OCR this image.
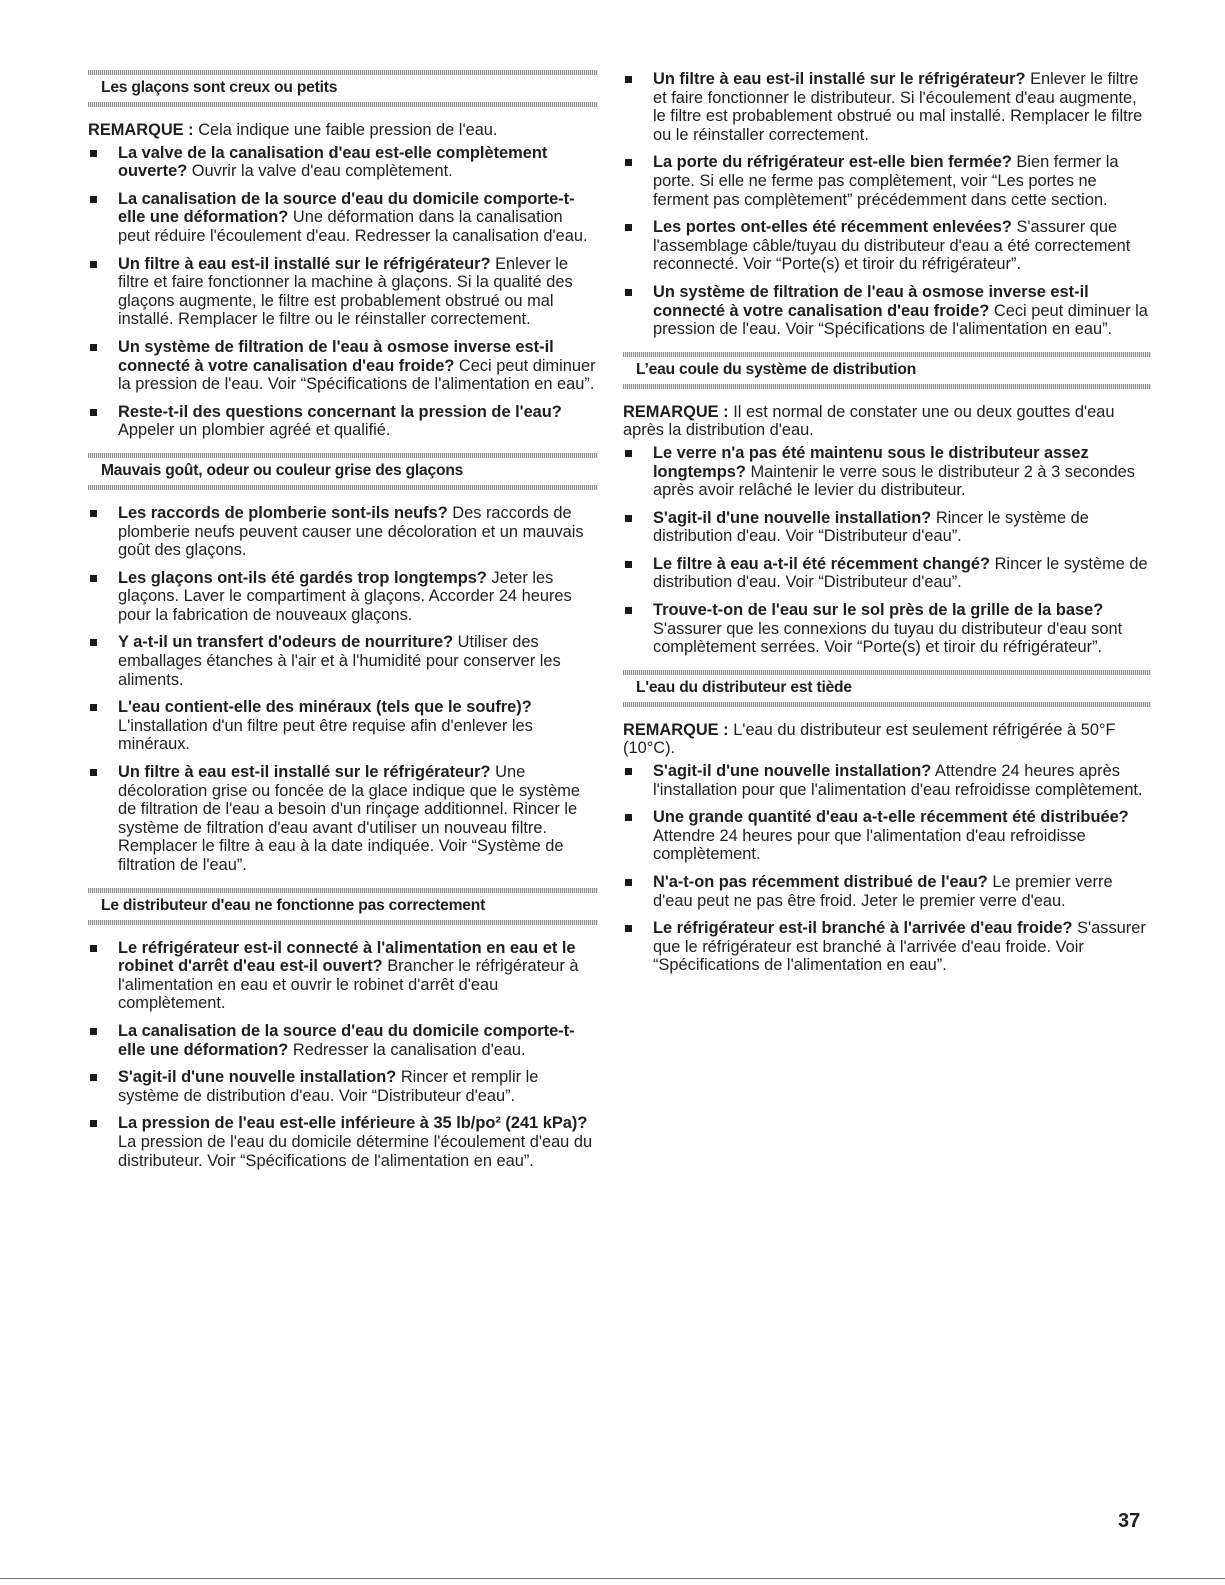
Les glaçons sont creux ou petits

REMARQUE : Cela indique une faible pression de l'eau.

La valve de la canalisation d'eau est-elle complètement ouverte? Ouvrir la valve d'eau complètement.
La canalisation de la source d'eau du domicile comporte-t-elle une déformation? Une déformation dans la canalisation peut réduire l'écoulement d'eau. Redresser la canalisation d'eau.
Un filtre à eau est-il installé sur le réfrigérateur? Enlever le filtre et faire fonctionner la machine à glaçons. Si la qualité des glaçons augmente, le filtre est probablement obstrué ou mal installé. Remplacer le filtre ou le réinstaller correctement.
Un système de filtration de l'eau à osmose inverse est-il connecté à votre canalisation d'eau froide? Ceci peut diminuer la pression de l'eau. Voir “Spécifications de l'alimentation en eau”.
Reste-t-il des questions concernant la pression de l'eau? Appeler un plombier agréé et qualifié.
Mauvais goût, odeur ou couleur grise des glaçons
Les raccords de plomberie sont-ils neufs? Des raccords de plomberie neufs peuvent causer une décoloration et un mauvais goût des glaçons.
Les glaçons ont-ils été gardés trop longtemps? Jeter les glaçons. Laver le compartiment à glaçons. Accorder 24 heures pour la fabrication de nouveaux glaçons.
Y a-t-il un transfert d'odeurs de nourriture? Utiliser des emballages étanches à l'air et à l'humidité pour conserver les aliments.
L'eau contient-elle des minéraux (tels que le soufre)? L'installation d'un filtre peut être requise afin d'enlever les minéraux.
Un filtre à eau est-il installé sur le réfrigérateur? Une décoloration grise ou foncée de la glace indique que le système de filtration de l'eau a besoin d'un rinçage additionnel. Rincer le système de filtration d'eau avant d'utiliser un nouveau filtre. Remplacer le filtre à eau à la date indiquée. Voir “Système de filtration de l'eau”.
Le distributeur d'eau ne fonctionne pas correctement
Le réfrigérateur est-il connecté à l'alimentation en eau et le robinet d'arrêt d'eau est-il ouvert? Brancher le réfrigérateur à l'alimentation en eau et ouvrir le robinet d'arrêt d'eau complètement.
La canalisation de la source d'eau du domicile comporte-t-elle une déformation? Redresser la canalisation d'eau.
S'agit-il d'une nouvelle installation? Rincer et remplir le système de distribution d'eau. Voir “Distributeur d'eau”.
La pression de l'eau est-elle inférieure à 35 lb/po² (241 kPa)? La pression de l'eau du domicile détermine l'écoulement d'eau du distributeur. Voir “Spécifications de l'alimentation en eau”.
Un filtre à eau est-il installé sur le réfrigérateur? Enlever le filtre et faire fonctionner le distributeur. Si l'écoulement d'eau augmente, le filtre est probablement obstrué ou mal installé. Remplacer le filtre ou le réinstaller correctement.
La porte du réfrigérateur est-elle bien fermée? Bien fermer la porte. Si elle ne ferme pas complètement, voir “Les portes ne ferment pas complètement” précédemment dans cette section.
Les portes ont-elles été récemment enlevées? S'assurer que l'assemblage câble/tuyau du distributeur d'eau a été correctement reconnecté. Voir “Porte(s) et tiroir du réfrigérateur”.
Un système de filtration de l'eau à osmose inverse est-il connecté à votre canalisation d'eau froide? Ceci peut diminuer la pression de l'eau. Voir “Spécifications de l'alimentation en eau”.
L’eau coule du système de distribution

REMARQUE : Il est normal de constater une ou deux gouttes d'eau après la distribution d'eau.

Le verre n'a pas été maintenu sous le distributeur assez longtemps? Maintenir le verre sous le distributeur 2 à 3 secondes après avoir relâché le levier du distributeur.
S'agit-il d'une nouvelle installation? Rincer le système de distribution d'eau. Voir “Distributeur d'eau”.
Le filtre à eau a-t-il été récemment changé? Rincer le système de distribution d'eau. Voir “Distributeur d'eau”.
Trouve-t-on de l'eau sur le sol près de la grille de la base? S'assurer que les connexions du tuyau du distributeur d'eau sont complètement serrées. Voir “Porte(s) et tiroir du réfrigérateur”.
L'eau du distributeur est tiède

REMARQUE : L'eau du distributeur est seulement réfrigérée à 50°F (10°C).

S'agit-il d'une nouvelle installation? Attendre 24 heures après l'installation pour que l'alimentation d'eau refroidisse complètement.
Une grande quantité d'eau a-t-elle récemment été distribuée? Attendre 24 heures pour que l'alimentation d'eau refroidisse complètement.
N'a-t-on pas récemment distribué de l'eau? Le premier verre d'eau peut ne pas être froid. Jeter le premier verre d'eau.
Le réfrigérateur est-il branché à l'arrivée d'eau froide? S'assurer que le réfrigérateur est branché à l'arrivée d'eau froide. Voir “Spécifications de l'alimentation en eau”.
37
